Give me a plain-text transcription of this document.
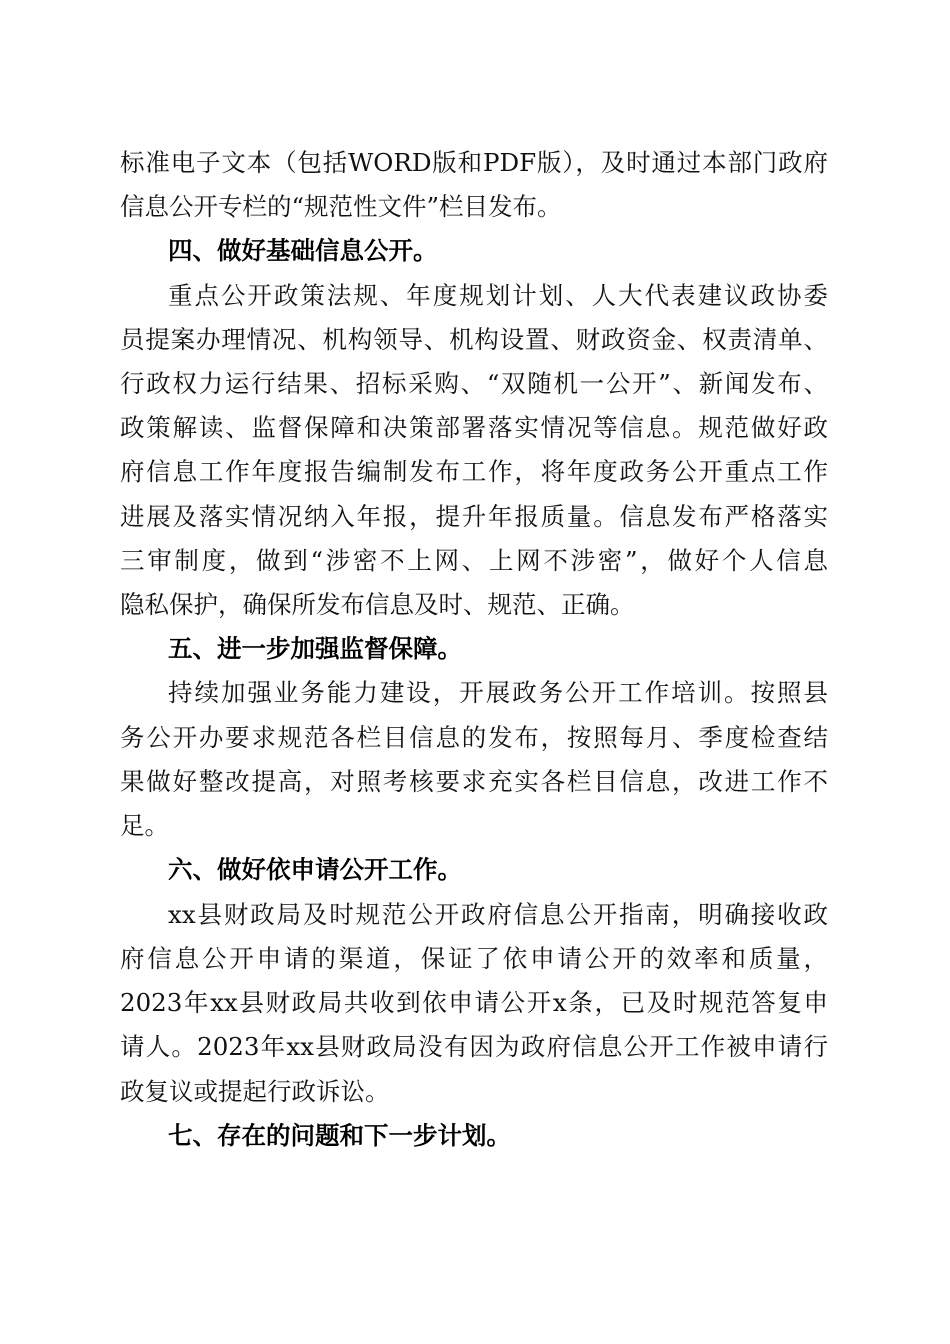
标准电子文本（包括WORD版和PDF版），及时通过本部门政府

信息公开专栏的“规范性文件”栏目发布。

四、做好基础信息公开。

重点公开政策法规、年度规划计划、人大代表建议政协委

员提案办理情况、机构领导、机构设置、财政资金、权责清单、

行政权力运行结果、招标采购、“双随机一公开”、新闻发布、

政策解读、监督保障和决策部署落实情况等信息。规范做好政

府信息工作年度报告编制发布工作，将年度政务公开重点工作

进展及落实情况纳入年报，提升年报质量。信息发布严格落实

三审制度，做到“涉密不上网、上网不涉密”，做好个人信息

隐私保护，确保所发布信息及时、规范、正确。

五、进一步加强监督保障。

持续加强业务能力建设，开展政务公开工作培训。按照县

务公开办要求规范各栏目信息的发布，按照每月、季度检查结

果做好整改提高，对照考核要求充实各栏目信息，改进工作不

足。

六、做好依申请公开工作。

xx县财政局及时规范公开政府信息公开指南，明确接收政

府信息公开申请的渠道，保证了依申请公开的效率和质量，

2023年xx县财政局共收到依申请公开x条，已及时规范答复申

请人。2023年xx县财政局没有因为政府信息公开工作被申请行

政复议或提起行政诉讼。

七、存在的问题和下一步计划。
